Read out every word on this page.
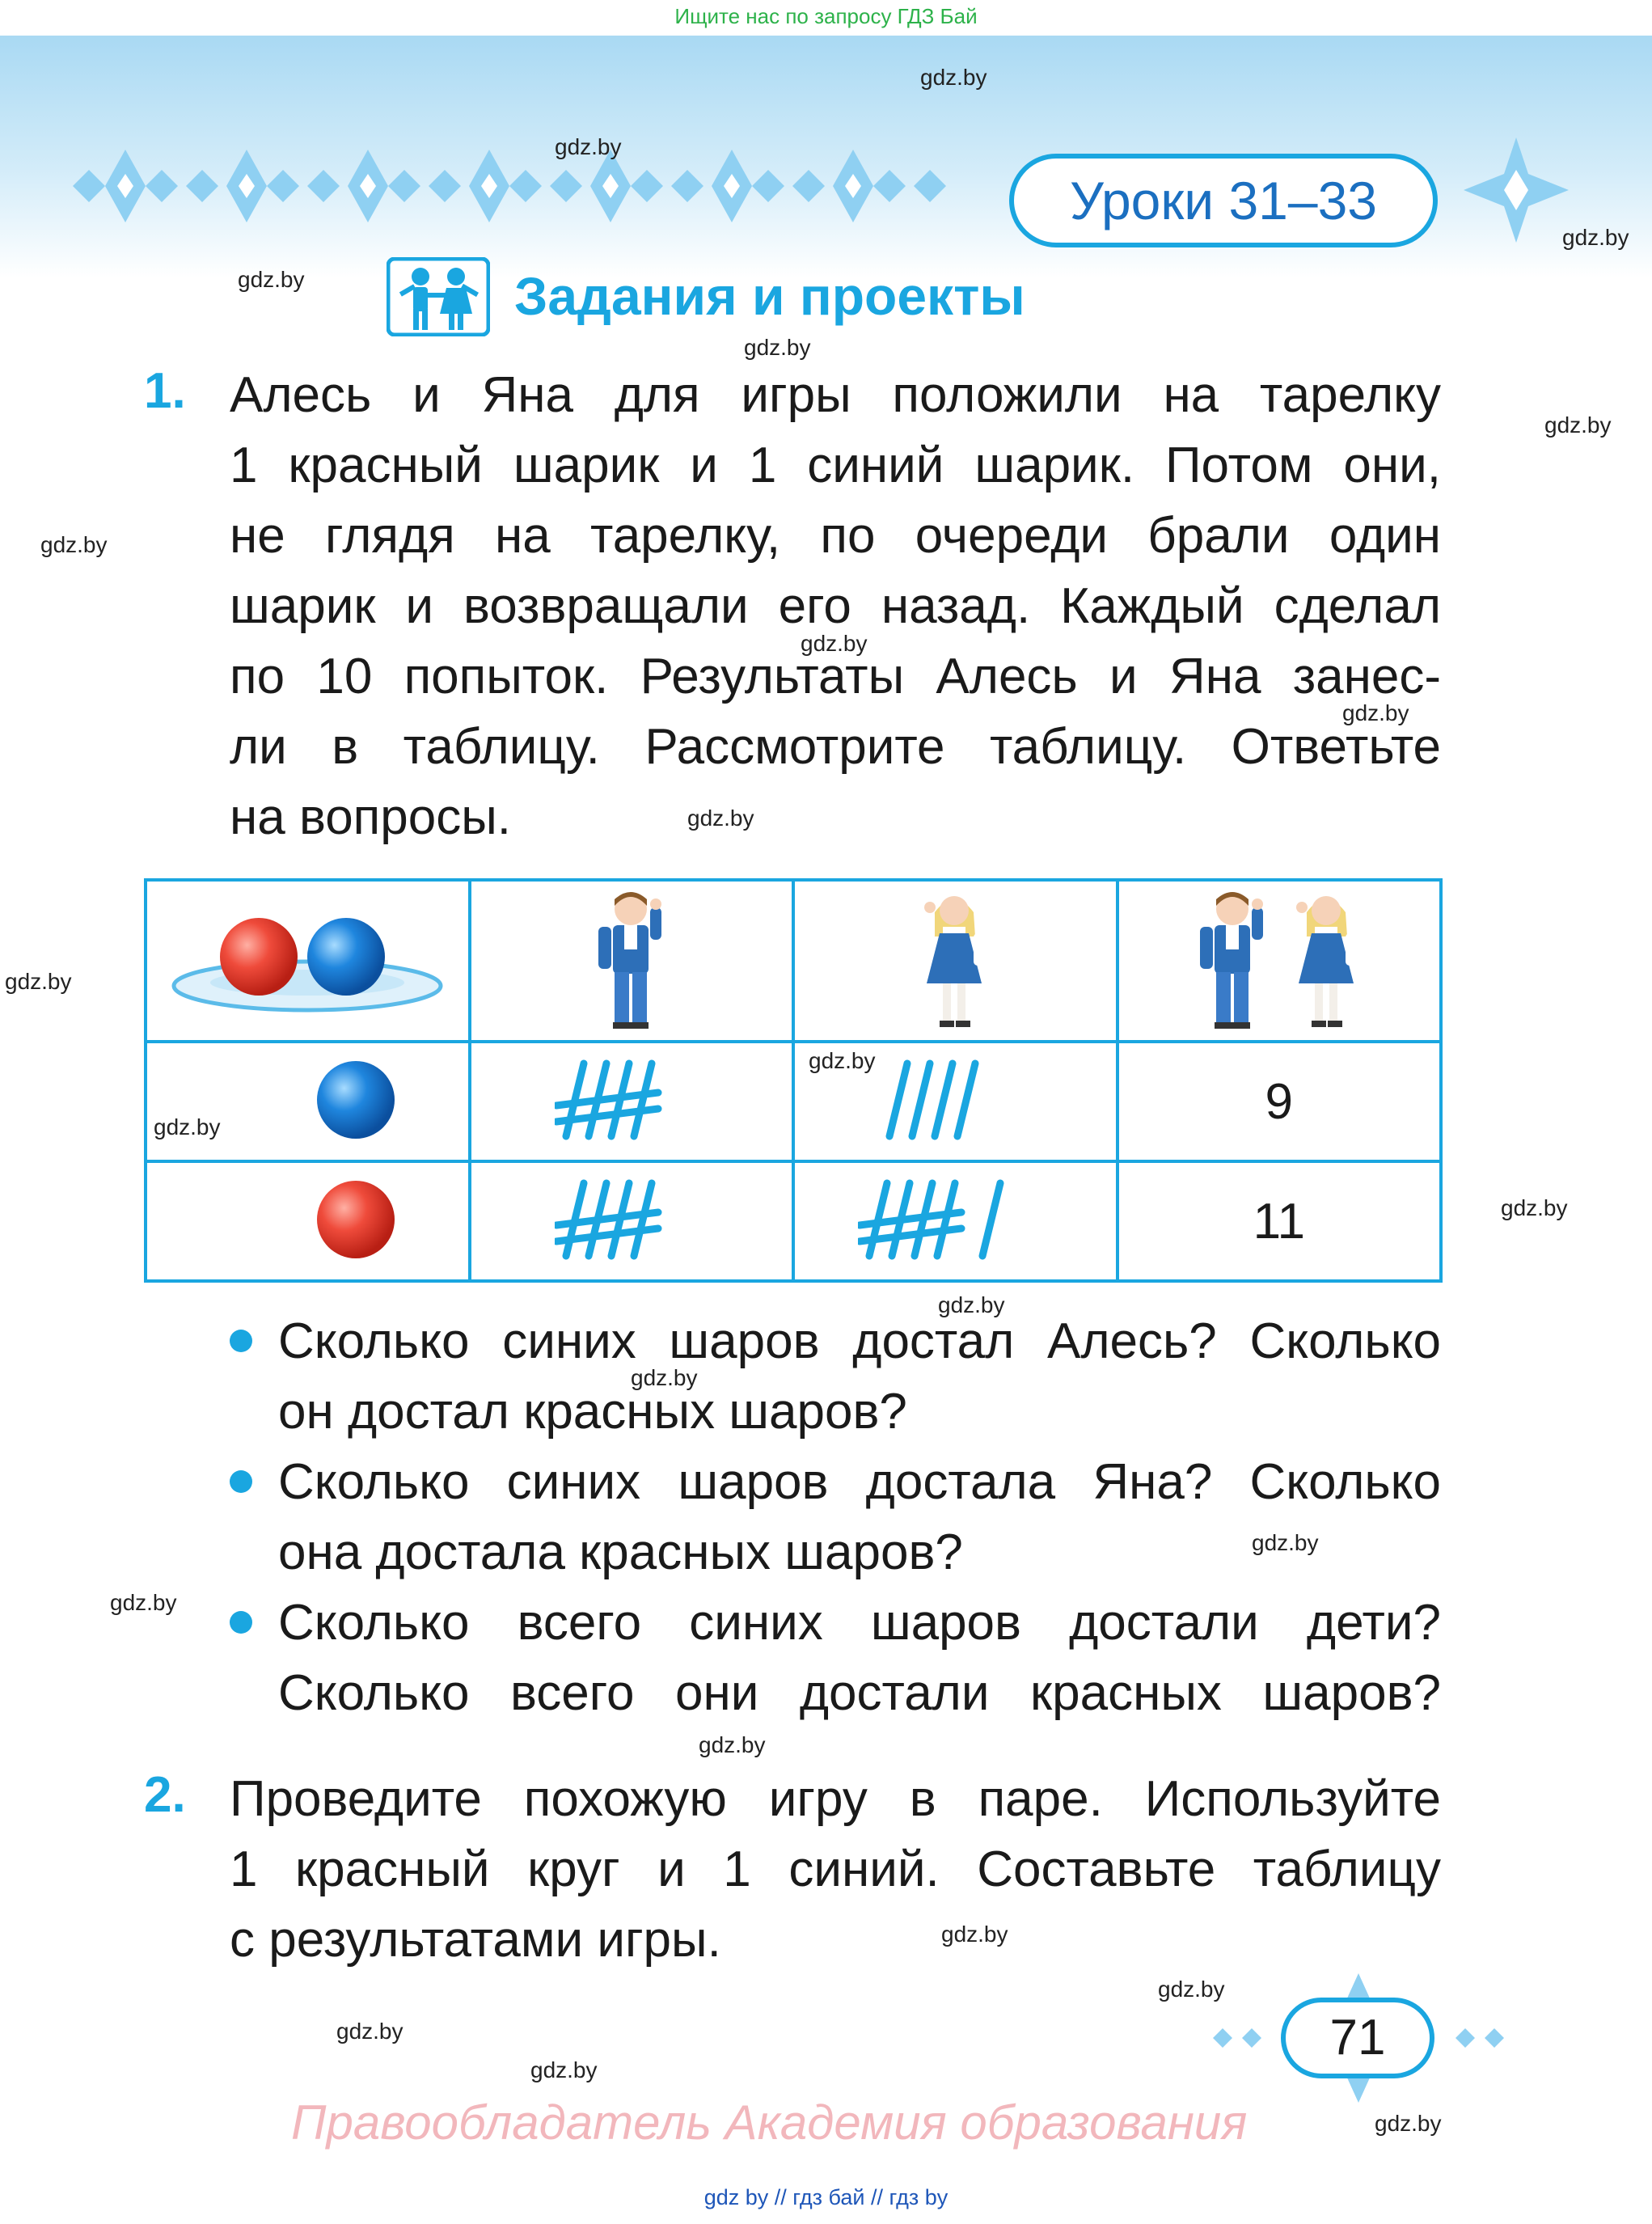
Ищите нас по запросу ГДЗ Бай
Уроки 31–33
Задания и проекты
1. Алесь и Яна для игры положили на тарелку
1 красный шарик и 1 синий шарик. Потом они,
не глядя на тарелку, по очереди брали один
шарик и возвращали его назад. Каждый сделал
по 10 попыток. Результаты Алесь и Яна занес-
ли в таблицу. Рассмотрите таблицу. Ответьте
на вопросы.

			9
			11
Сколько синих шаров достал Алесь? Сколько
он достал красных шаров?
Сколько синих шаров достала Яна? Сколько
она достала красных шаров?
Сколько всего синих шаров достали дети?
Сколько всего они достали красных шаров?
2. Проведите похожую игру в паре. Используйте
1 красный круг и 1 синий. Составьте таблицу
с результатами игры.
71
Правообладатель Академия образования
gdz by // гдз бай // гдз by
gdz.by
gdz.by
gdz.by
gdz.by
gdz.by
gdz.by
gdz.by
gdz.by
gdz.by
gdz.by
gdz.by
gdz.by
gdz.by
gdz.by
gdz.by
gdz.by
gdz.by
gdz.by
gdz.by
gdz.by
gdz.by
gdz.by
gdz.by
gdz.by
